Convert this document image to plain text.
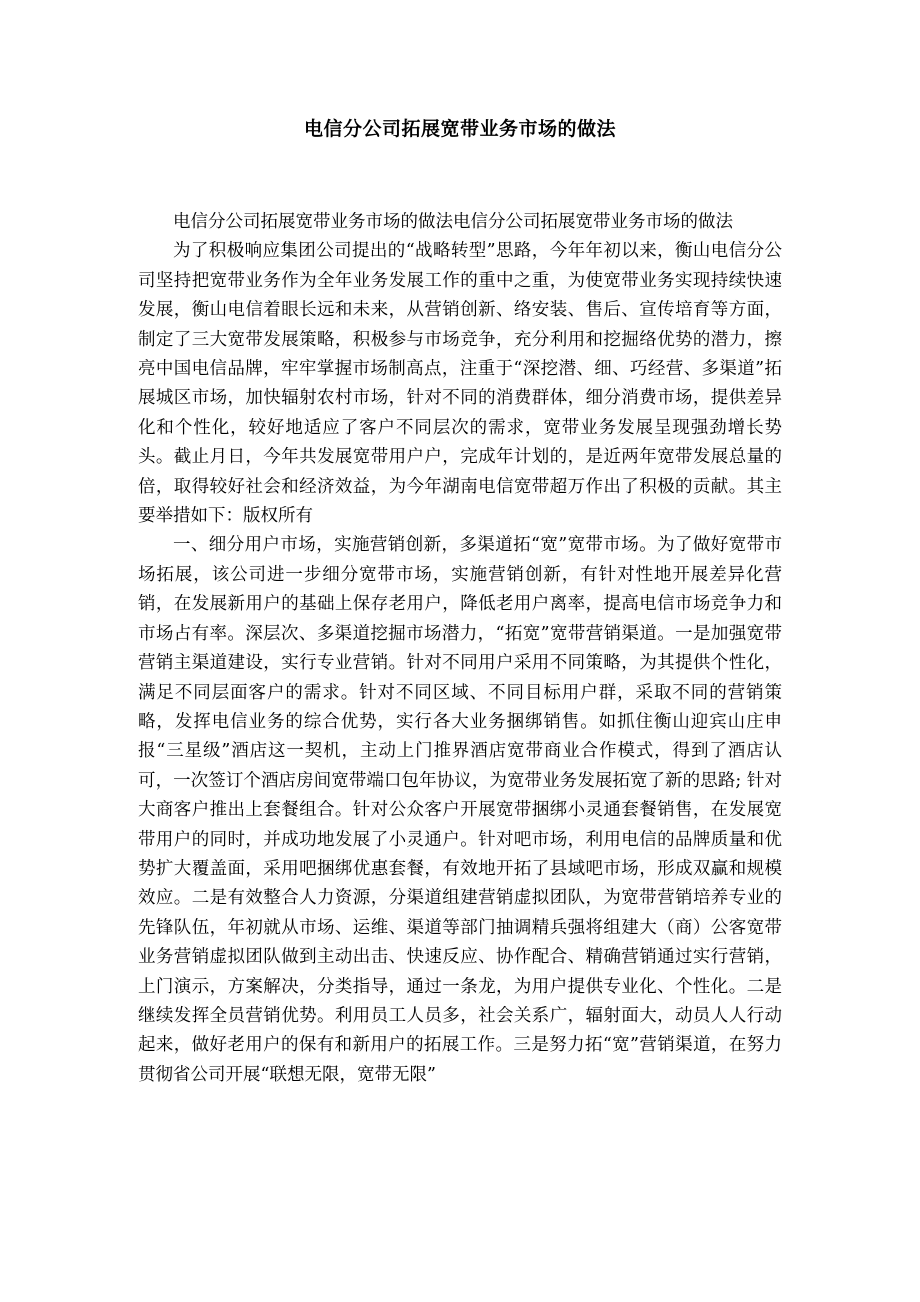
电信分公司拓展宽带业务市场的做法

电信分公司拓展宽带业务市场的做法电信分公司拓展宽带业务市场的做法

为了积极响应集团公司提出的“战略转型”思路，今年年初以来，衡山电信分公司坚持把宽带业务作为全年业务发展工作的重中之重，为使宽带业务实现持续快速发展，衡山电信着眼长远和未来，从营销创新、络安装、售后、宣传培育等方面，制定了三大宽带发展策略，积极参与市场竞争，充分利用和挖掘络优势的潜力，擦亮中国电信品牌，牢牢掌握市场制高点，注重于“深挖潜、细、巧经营、多渠道”拓展城区市场，加快辐射农村市场，针对不同的消费群体，细分消费市场，提供差异化和个性化，较好地适应了客户不同层次的需求，宽带业务发展呈现强劲增长势头。截止月日，今年共发展宽带用户户，完成年计划的，是近两年宽带发展总量的倍，取得较好社会和经济效益，为今年湖南电信宽带超万作出了积极的贡献。其主要举措如下：版权所有

一、细分用户市场，实施营销创新，多渠道拓“宽”宽带市场。为了做好宽带市场拓展，该公司进一步细分宽带市场，实施营销创新，有针对性地开展差异化营销，在发展新用户的基础上保存老用户，降低老用户离率，提高电信市场竞争力和市场占有率。深层次、多渠道挖掘市场潜力，“拓宽”宽带营销渠道。一是加强宽带营销主渠道建设，实行专业营销。针对不同用户采用不同策略，为其提供个性化，满足不同层面客户的需求。针对不同区域、不同目标用户群，采取不同的营销策略，发挥电信业务的综合优势，实行各大业务捆绑销售。如抓住衡山迎宾山庄申报“三星级”酒店这一契机，主动上门推界酒店宽带商业合作模式，得到了酒店认可，一次签订个酒店房间宽带端口包年协议，为宽带业务发展拓宽了新的思路; 针对大商客户推出上套餐组合。针对公众客户开展宽带捆绑小灵通套餐销售，在发展宽带用户的同时，并成功地发展了小灵通户。针对吧市场，利用电信的品牌质量和优势扩大覆盖面，采用吧捆绑优惠套餐，有效地开拓了县域吧市场，形成双赢和规模效应。二是有效整合人力资源，分渠道组建营销虚拟团队，为宽带营销培养专业的先锋队伍，年初就从市场、运维、渠道等部门抽调精兵强将组建大（商）公客宽带业务营销虚拟团队做到主动出击、快速反应、协作配合、精确营销通过实行营销，上门演示，方案解决，分类指导，通过一条龙，为用户提供专业化、个性化。二是继续发挥全员营销优势。利用员工人员多，社会关系广，辐射面大，动员人人行动起来，做好老用户的保有和新用户的拓展工作。三是努力拓“宽”营销渠道，在努力贯彻省公司开展“联想无限，宽带无限”
